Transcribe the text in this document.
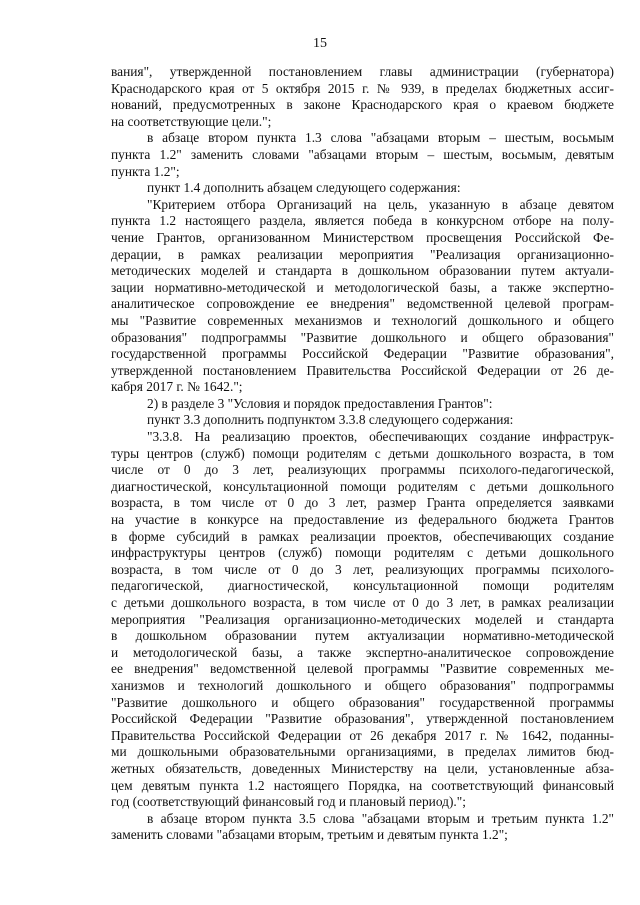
15
вания", утвержденной постановлением главы администрации (губернатора)
Краснодарского края от 5 октября 2015 г. № 939, в пределах бюджетных ассиг-
нований, предусмотренных в законе Краснодарского края о краевом бюджете
на соответствующие цели.";
в абзаце втором пункта 1.3 слова "абзацами вторым – шестым, восьмым
пункта 1.2" заменить словами "абзацами вторым – шестым, восьмым, девятым
пункта 1.2";
пункт 1.4 дополнить абзацем следующего содержания:
"Критерием отбора Организаций на цель, указанную в абзаце девятом
пункта 1.2 настоящего раздела, является победа в конкурсном отборе на полу-
чение Грантов, организованном Министерством просвещения Российской Фе-
дерации, в рамках реализации мероприятия "Реализация организационно-
методических моделей и стандарта в дошкольном образовании путем актуали-
зации нормативно-методической и методологической базы, а также экспертно-
аналитическое сопровождение ее внедрения" ведомственной целевой програм-
мы "Развитие современных механизмов и технологий дошкольного и общего
образования" подпрограммы "Развитие дошкольного и общего образования"
государственной программы Российской Федерации "Развитие образования",
утвержденной постановлением Правительства Российской Федерации от 26 де-
кабря 2017 г. № 1642.";
2) в разделе 3 "Условия и порядок предоставления Грантов":
пункт 3.3 дополнить подпунктом 3.3.8 следующего содержания:
"3.3.8. На реализацию проектов, обеспечивающих создание инфраструк-
туры центров (служб) помощи родителям с детьми дошкольного возраста, в том
числе от 0 до 3 лет, реализующих программы психолого-педагогической,
диагностической, консультационной помощи родителям с детьми дошкольного
возраста, в том числе от 0 до 3 лет, размер Гранта определяется заявками
на участие в конкурсе на предоставление из федерального бюджета Грантов
в форме субсидий в рамках реализации проектов, обеспечивающих создание
инфраструктуры центров (служб) помощи родителям с детьми дошкольного
возраста, в том числе от 0 до 3 лет, реализующих программы психолого-
педагогической, диагностической, консультационной помощи родителям
с детьми дошкольного возраста, в том числе от 0 до 3 лет, в рамках реализации
мероприятия "Реализация организационно-методических моделей и стандарта
в дошкольном образовании путем актуализации нормативно-методической
и методологической базы, а также экспертно-аналитическое сопровождение
ее внедрения" ведомственной целевой программы "Развитие современных ме-
ханизмов и технологий дошкольного и общего образования" подпрограммы
"Развитие дошкольного и общего образования" государственной программы
Российской Федерации "Развитие образования", утвержденной постановлением
Правительства Российской Федерации от 26 декабря 2017 г. № 1642, поданны-
ми дошкольными образовательными организациями, в пределах лимитов бюд-
жетных обязательств, доведенных Министерству на цели, установленные абза-
цем девятым пункта 1.2 настоящего Порядка, на соответствующий финансовый
год (соответствующий финансовый год и плановый период).";
в абзаце втором пункта 3.5 слова "абзацами вторым и третьим пункта 1.2"
заменить словами "абзацами вторым, третьим и девятым пункта 1.2";
